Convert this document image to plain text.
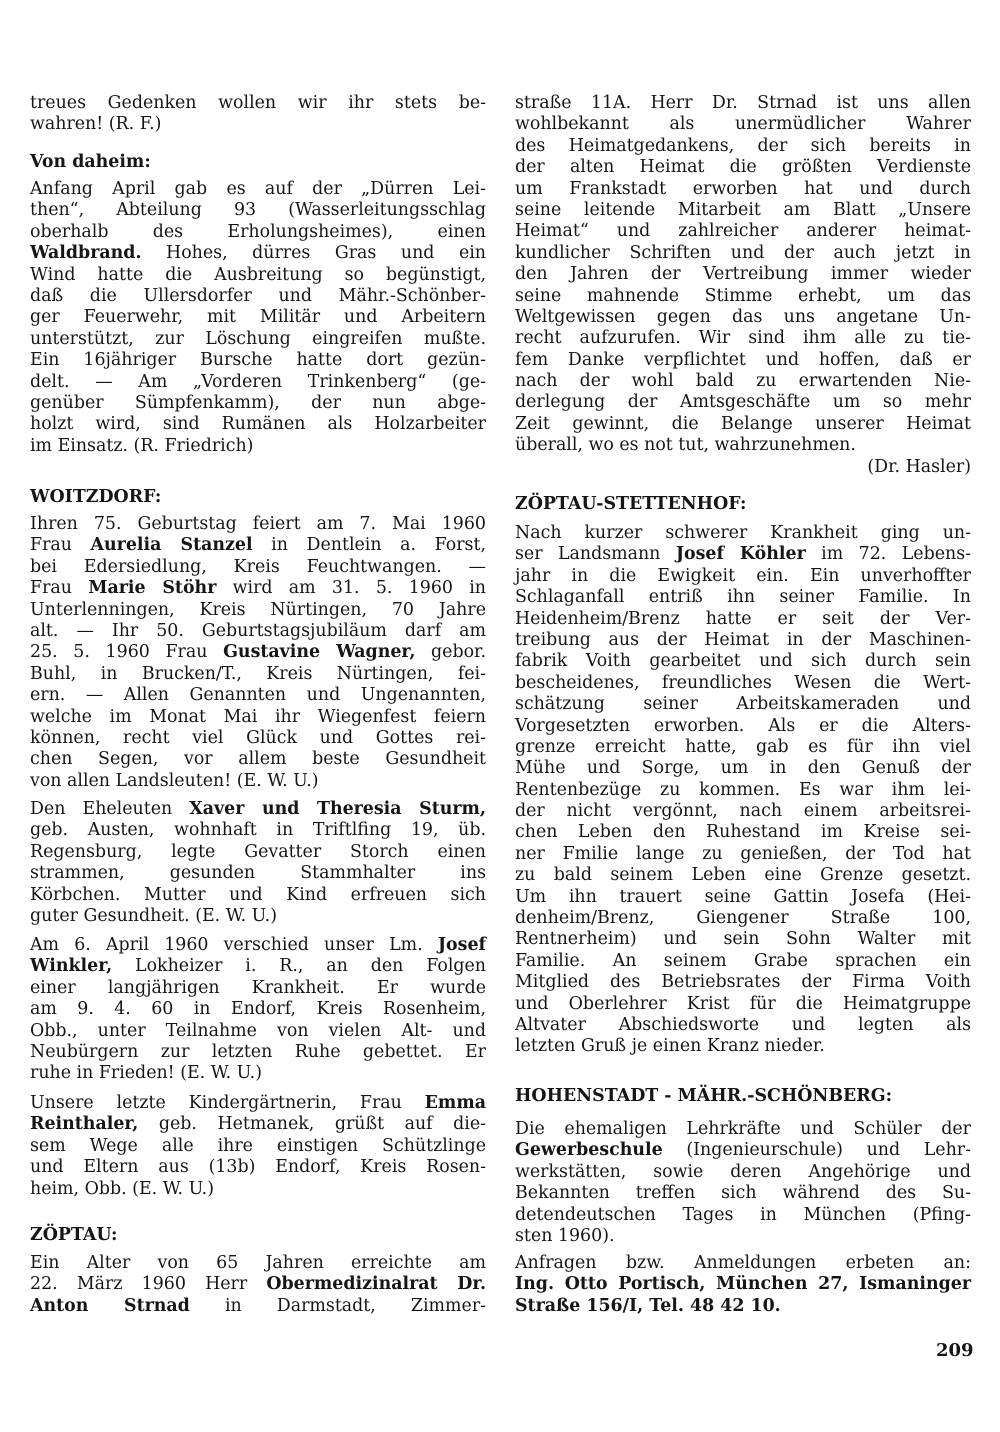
treues Gedenken wollen wir ihr stets be-
wahren! (R. F.)
Von daheim:
Anfang April gab es auf der „Dürren Lei-
then“, Abteilung 93 (Wasserleitungsschlag
oberhalb des Erholungsheimes), einen
Waldbrand. Hohes, dürres Gras und ein
Wind hatte die Ausbreitung so begünstigt,
daß die Ullersdorfer und Mähr.-Schönber-
ger Feuerwehr, mit Militär und Arbeitern
unterstützt, zur Löschung eingreifen mußte.
Ein 16jähriger Bursche hatte dort gezün-
delt. — Am „Vorderen Trinkenberg“ (ge-
genüber Sümpfenkamm), der nun abge-
holzt wird, sind Rumänen als Holzarbeiter
im Einsatz. (R. Friedrich)
WOITZDORF:
Ihren 75. Geburtstag feiert am 7. Mai 1960
Frau Aurelia Stanzel in Dentlein a. Forst,
bei Edersiedlung, Kreis Feuchtwangen. —
Frau Marie Stöhr wird am 31. 5. 1960 in
Unterlenningen, Kreis Nürtingen, 70 Jahre
alt. — Ihr 50. Geburtstagsjubiläum darf am
25. 5. 1960 Frau Gustavine Wagner, gebor.
Buhl, in Brucken/T., Kreis Nürtingen, fei-
ern. — Allen Genannten und Ungenannten,
welche im Monat Mai ihr Wiegenfest feiern
können, recht viel Glück und Gottes rei-
chen Segen, vor allem beste Gesundheit
von allen Landsleuten! (E. W. U.)
Den Eheleuten Xaver und Theresia Sturm,
geb. Austen, wohnhaft in Triftlfing 19, üb.
Regensburg, legte Gevatter Storch einen
strammen, gesunden Stammhalter ins
Körbchen. Mutter und Kind erfreuen sich
guter Gesundheit. (E. W. U.)
Am 6. April 1960 verschied unser Lm. Josef
Winkler, Lokheizer i. R., an den Folgen
einer langjährigen Krankheit. Er wurde
am 9. 4. 60 in Endorf, Kreis Rosenheim,
Obb., unter Teilnahme von vielen Alt- und
Neubürgern zur letzten Ruhe gebettet. Er
ruhe in Frieden! (E. W. U.)
Unsere letzte Kindergärtnerin, Frau Emma
Reinthaler, geb. Hetmanek, grüßt auf die-
sem Wege alle ihre einstigen Schützlinge
und Eltern aus (13b) Endorf, Kreis Rosen-
heim, Obb. (E. W. U.)
ZÖPTAU:
Ein Alter von 65 Jahren erreichte am
22. März 1960 Herr Obermedizinalrat Dr.
Anton Strnad in Darmstadt, Zimmer-
straße 11A. Herr Dr. Strnad ist uns allen
wohlbekannt als unermüdlicher Wahrer
des Heimatgedankens, der sich bereits in
der alten Heimat die größten Verdienste
um Frankstadt erworben hat und durch
seine leitende Mitarbeit am Blatt „Unsere
Heimat“ und zahlreicher anderer heimat-
kundlicher Schriften und der auch jetzt in
den Jahren der Vertreibung immer wieder
seine mahnende Stimme erhebt, um das
Weltgewissen gegen das uns angetane Un-
recht aufzurufen. Wir sind ihm alle zu tie-
fem Danke verpflichtet und hoffen, daß er
nach der wohl bald zu erwartenden Nie-
derlegung der Amtsgeschäfte um so mehr
Zeit gewinnt, die Belange unserer Heimat
überall, wo es not tut, wahrzunehmen.
(Dr. Hasler)
ZÖPTAU-STETTENHOF:
Nach kurzer schwerer Krankheit ging un-
ser Landsmann Josef Köhler im 72. Lebens-
jahr in die Ewigkeit ein. Ein unverhoffter
Schlaganfall entriß ihn seiner Familie. In
Heidenheim/Brenz hatte er seit der Ver-
treibung aus der Heimat in der Maschinen-
fabrik Voith gearbeitet und sich durch sein
bescheidenes, freundliches Wesen die Wert-
schätzung seiner Arbeitskameraden und
Vorgesetzten erworben. Als er die Alters-
grenze erreicht hatte, gab es für ihn viel
Mühe und Sorge, um in den Genuß der
Rentenbezüge zu kommen. Es war ihm lei-
der nicht vergönnt, nach einem arbeitsrei-
chen Leben den Ruhestand im Kreise sei-
ner Fmilie lange zu genießen, der Tod hat
zu bald seinem Leben eine Grenze gesetzt.
Um ihn trauert seine Gattin Josefa (Hei-
denheim/Brenz, Giengener Straße 100,
Rentnerheim) und sein Sohn Walter mit
Familie. An seinem Grabe sprachen ein
Mitglied des Betriebsrates der Firma Voith
und Oberlehrer Krist für die Heimatgruppe
Altvater Abschiedsworte und legten als
letzten Gruß je einen Kranz nieder.
HOHENSTADT - MÄHR.-SCHÖNBERG:
Die ehemaligen Lehrkräfte und Schüler der
Gewerbeschule (Ingenieurschule) und Lehr-
werkstätten, sowie deren Angehörige und
Bekannten treffen sich während des Su-
detendeutschen Tages in München (Pfing-
sten 1960).
Anfragen bzw. Anmeldungen erbeten an:
Ing. Otto Portisch, München 27, Ismaninger
Straße 156/I, Tel. 48 42 10.
209
